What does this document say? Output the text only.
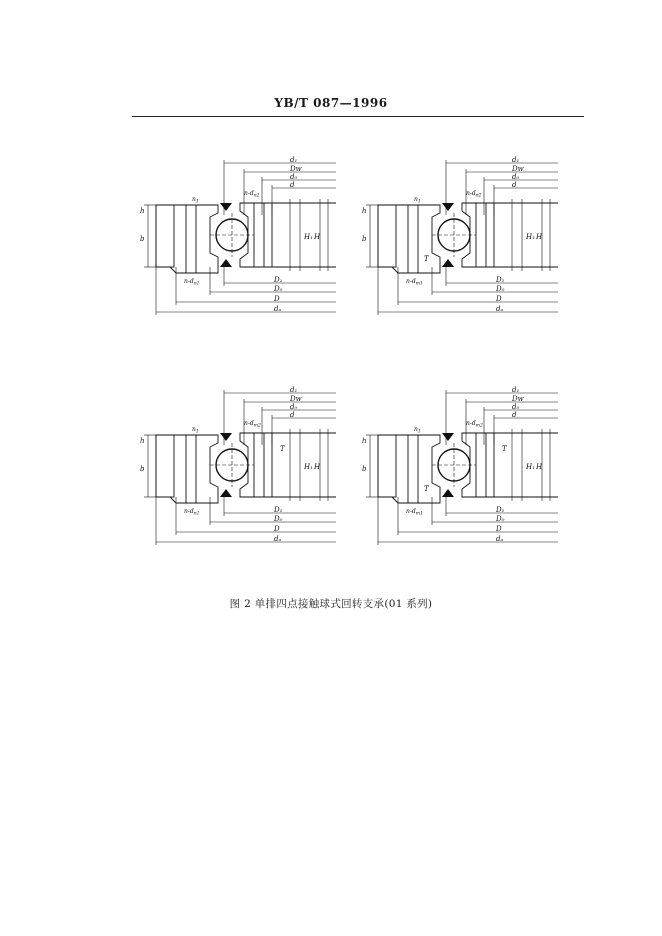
YB/T 087—1996
d₁
Dᴡ
d₀
d
D₁
D₀
D
dₐ
h
b	H₁ H
$n_1$
$n-d_{n2}$
$n-d_{n1}$
d₁
Dᴡ
d₀
d
D₁
D₀
D
dₐ
h
b	H₁ H
$n_1$
$n-d_{n2}$
$n-d_{m1}$
T
d₁
Dᴡ
d₀
d
D₁
D₀
D
dₐ
h
b	H₁ H
$n_1$
$n-d_{m2}$
$n-d_{n1}$
T
d₁
Dᴡ
d₀
d
D₁
D₀
D
dₐ
h
b	H₁ H
$n_1$
$n-d_{m2}$
$n-d_{m1}$
T
T
图 2 单排四点接触球式回转支承(01 系列)
